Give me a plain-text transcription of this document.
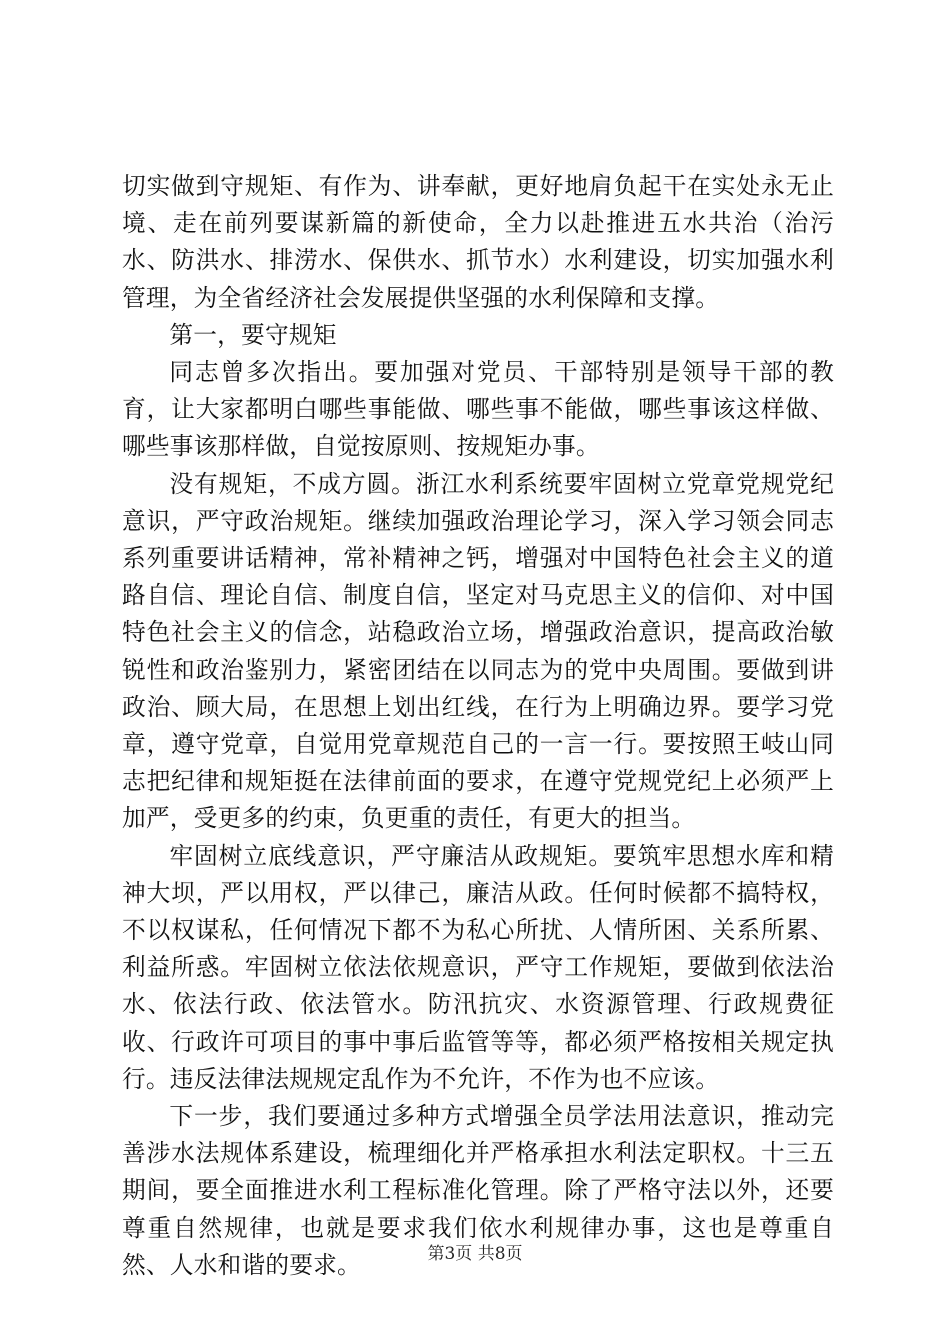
切实做到守规矩、有作为、讲奉献，更好地肩负起干在实处永无止境、走在前列要谋新篇的新使命，全力以赴推进五水共治（治污水、防洪水、排涝水、保供水、抓节水）水利建设，切实加强水利管理，为全省经济社会发展提供坚强的水利保障和支撑。

第一，要守规矩

同志曾多次指出。要加强对党员、干部特别是领导干部的教育，让大家都明白哪些事能做、哪些事不能做，哪些事该这样做、哪些事该那样做，自觉按原则、按规矩办事。

没有规矩，不成方圆。浙江水利系统要牢固树立党章党规党纪意识，严守政治规矩。继续加强政治理论学习，深入学习领会同志系列重要讲话精神，常补精神之钙，增强对中国特色社会主义的道路自信、理论自信、制度自信，坚定对马克思主义的信仰、对中国特色社会主义的信念，站稳政治立场，增强政治意识，提高政治敏锐性和政治鉴别力，紧密团结在以同志为的党中央周围。要做到讲政治、顾大局，在思想上划出红线，在行为上明确边界。要学习党章，遵守党章，自觉用党章规范自己的一言一行。要按照王岐山同志把纪律和规矩挺在法律前面的要求，在遵守党规党纪上必须严上加严，受更多的约束，负更重的责任，有更大的担当。

牢固树立底线意识，严守廉洁从政规矩。要筑牢思想水库和精神大坝，严以用权，严以律己，廉洁从政。任何时候都不搞特权，不以权谋私，任何情况下都不为私心所扰、人情所困、关系所累、利益所惑。牢固树立依法依规意识，严守工作规矩，要做到依法治水、依法行政、依法管水。防汛抗灾、水资源管理、行政规费征收、行政许可项目的事中事后监管等等，都必须严格按相关规定执行。违反法律法规规定乱作为不允许，不作为也不应该。

下一步，我们要通过多种方式增强全员学法用法意识，推动完善涉水法规体系建设，梳理细化并严格承担水利法定职权。十三五期间，要全面推进水利工程标准化管理。除了严格守法以外，还要尊重自然规律，也就是要求我们依水利规律办事，这也是尊重自然、人水和谐的要求。	第3页 共8页
